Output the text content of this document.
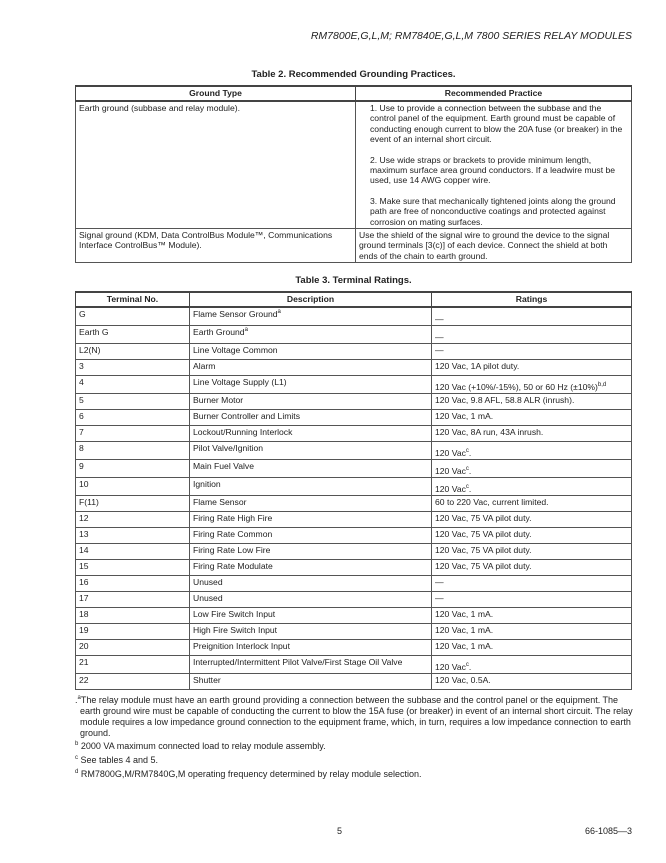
RM7800E,G,L,M; RM7840E,G,L,M 7800 SERIES RELAY MODULES
Table 2. Recommended Grounding Practices.
Ground Type	Recommended Practice
Earth ground (subbase and relay module).	1. Use to provide a connection between the subbase and the control panel of the equipment. Earth ground must be capable of conducting enough current to blow the 20A fuse (or breaker) in the event of an internal short circuit.

2. Use wide straps or brackets to provide minimum length, maximum surface area ground conductors. If a leadwire must be used, use 14 AWG copper wire.

3. Make sure that mechanically tightened joints along the ground path are free of nonconductive coatings and protected against corrosion on mating surfaces.

Signal ground (KDM, Data ControlBus Module™, Communications Interface ControlBus™ Module).	Use the shield of the signal wire to ground the device to the signal ground terminals [3(c)] of each device. Connect the shield at both ends of the chain to earth ground.

Table 3. Terminal Ratings.
Terminal No.	Description	Ratings
G	Flame Sensor Ground$^a$	—
Earth G	Earth Ground$^a$	—
L2(N)	Line Voltage Common	—
3	Alarm	120 Vac, 1A pilot duty.
4	Line Voltage Supply (L1)	120 Vac (+10%/-15%), 50 or 60 Hz $(\pm 10\%)^{b,d}$
5	Burner Motor	120 Vac, 9.8 AFL, 58.8 ALR (inrush).
6	Burner Controller and Limits	120 Vac, 1 mA.
7	Lockout/Running Interlock	120 Vac, 8A run, 43A inrush.
8	Pilot Valve/Ignition	120 Vac$^c$.
9	Main Fuel Valve	120 Vac$^c$.
10	Ignition	120 Vac$^c$.
F(11)	Flame Sensor	60 to 220 Vac, current limited.
12	Firing Rate High Fire	120 Vac, 75 VA pilot duty.
13	Firing Rate Common	120 Vac, 75 VA pilot duty.
14	Firing Rate Low Fire	120 Vac, 75 VA pilot duty.
15	Firing Rate Modulate	120 Vac, 75 VA pilot duty.
16	Unused	—
17	Unused	—
18	Low Fire Switch Input	120 Vac, 1 mA.
19	High Fire Switch Input	120 Vac, 1 mA.
20	Preignition Interlock Input	120 Vac, 1 mA.
21	Interrupted/Intermittent Pilot Valve/First Stage Oil Valve	120 Vac$^c$.
22	Shutter	120 Vac, 0.5A.
.$^a$The relay module must have an earth ground providing a connection between the subbase and the control panel or the equipment. The earth ground wire must be capable of conducting the current to blow the 15A fuse (or breaker) in event of an internal short circuit. The relay module requires a low impedance ground connection to the equipment frame, which, in turn, requires a low impedance connection to earth ground.
$^b$ 2000 VA maximum connected load to relay module assembly.
$^c$ See tables 4 and 5.
$^d$ RM7800G,M/RM7840G,M operating frequency determined by relay module selection.
5	66-1085—3
